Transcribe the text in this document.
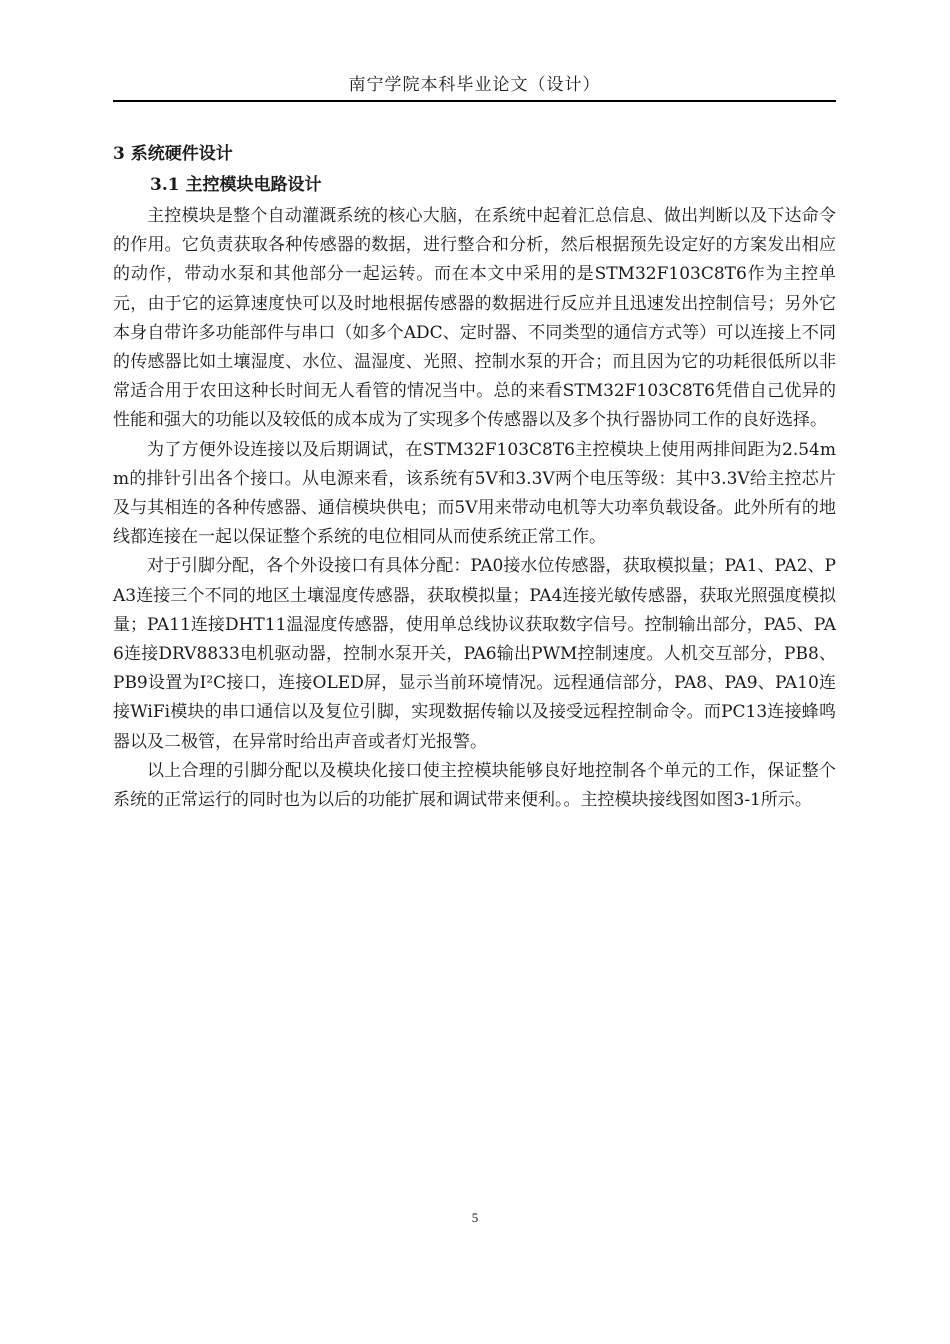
南宁学院本科毕业论文（设计）
3 系统硬件设计
3.1 主控模块电路设计

主控模块是整个自动灌溉系统的核心大脑，在系统中起着汇总信息、做出判断以及下达命令的作用。它负责获取各种传感器的数据，进行整合和分析，然后根据预先设定好的方案发出相应的动作，带动水泵和其他部分一起运转。而在本文中采用的是STM32F103C8T6作为主控单元，由于它的运算速度快可以及时地根据传感器的数据进行反应并且迅速发出控制信号；另外它本身自带许多功能部件与串口（如多个ADC、定时器、不同类型的通信方式等）可以连接上不同的传感器比如土壤湿度、水位、温湿度、光照、控制水泵的开合；而且因为它的功耗很低所以非常适合用于农田这种长时间无人看管的情况当中。总的来看STM32F103C8T6凭借自己优异的性能和强大的功能以及较低的成本成为了实现多个传感器以及多个执行器协同工作的良好选择。

为了方便外设连接以及后期调试，在STM32F103C8T6主控模块上使用两排间距为2.54mm的排针引出各个接口。从电源来看，该系统有5V和3.3V两个电压等级：其中3.3V给主控芯片及与其相连的各种传感器、通信模块供电；而5V用来带动电机等大功率负载设备。此外所有的地线都连接在一起以保证整个系统的电位相同从而使系统正常工作。

对于引脚分配，各个外设接口有具体分配：PA0接水位传感器，获取模拟量；PA1、PA2、PA3连接三个不同的地区土壤湿度传感器，获取模拟量；PA4连接光敏传感器，获取光照强度模拟量；PA11连接DHT11温湿度传感器，使用单总线协议获取数字信号。控制输出部分，PA5、PA6连接DRV8833电机驱动器，控制水泵开关，PA6输出PWM控制速度。人机交互部分，PB8、PB9设置为I²C接口，连接OLED屏，显示当前环境情况。远程通信部分，PA8、PA9、PA10连接WiFi模块的串口通信以及复位引脚，实现数据传输以及接受远程控制命令。而PC13连接蜂鸣器以及二极管，在异常时给出声音或者灯光报警。

以上合理的引脚分配以及模块化接口使主控模块能够良好地控制各个单元的工作，保证整个系统的正常运行的同时也为以后的功能扩展和调试带来便利。。主控模块接线图如图3-1所示。

5
